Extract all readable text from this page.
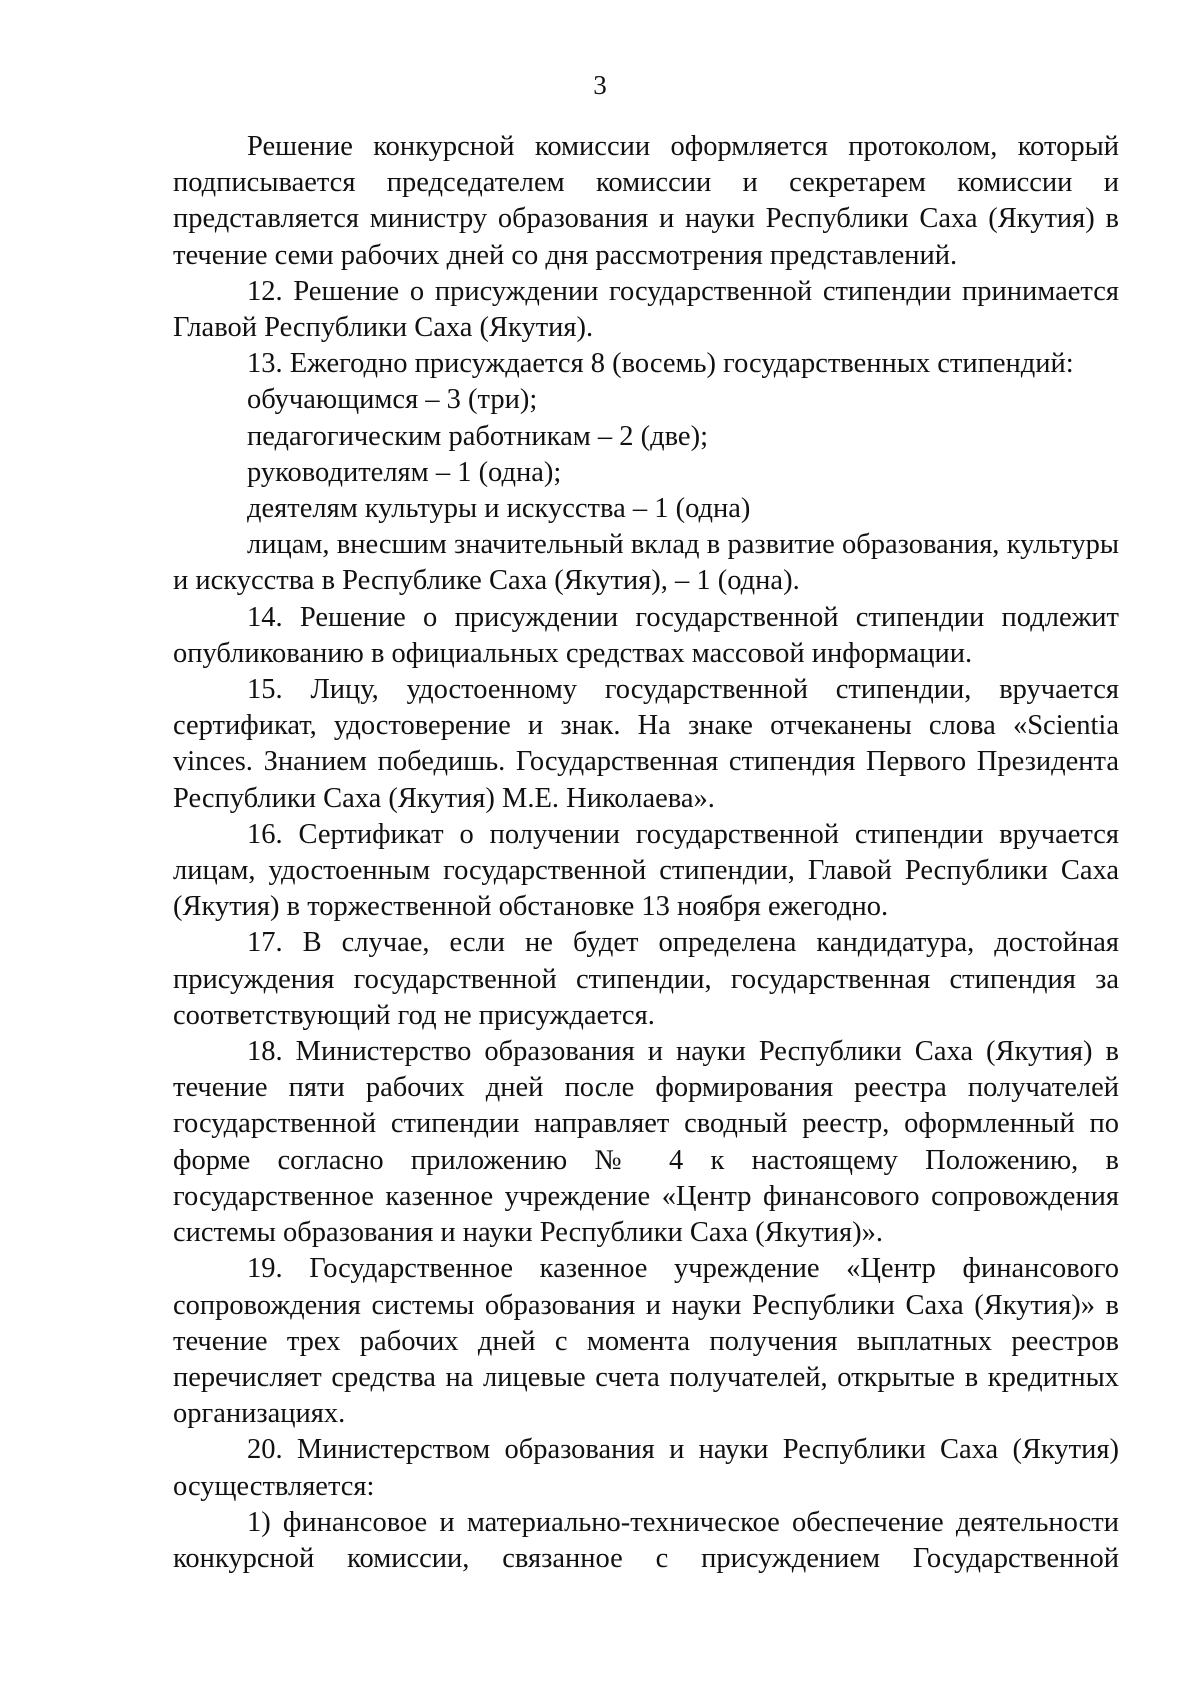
3

Решение конкурсной комиссии оформляется протоколом, который подписывается председателем комиссии и секретарем комиссии и представляется министру образования и науки Республики Саха (Якутия) в течение семи рабочих дней со дня рассмотрения представлений.

12. Решение о присуждении государственной стипендии принимается Главой Республики Саха (Якутия).

13. Ежегодно присуждается 8 (восемь) государственных стипендий:

обучающимся – 3 (три);

педагогическим работникам – 2 (две);

руководителям – 1 (одна);

деятелям культуры и искусства – 1 (одна)

лицам, внесшим значительный вклад в развитие образования, культуры и искусства в Республике Саха (Якутия), – 1 (одна).

14. Решение о присуждении государственной стипендии подлежит опубликованию в официальных средствах массовой информации.

15. Лицу, удостоенному государственной стипендии, вручается сертификат, удостоверение и знак. На знаке отчеканены слова «Scientia vinces. Знанием победишь. Государственная стипендия Первого Президента Республики Саха (Якутия) М.Е. Николаева».

16. Сертификат о получении государственной стипендии вручается лицам, удостоенным государственной стипендии, Главой Республики Саха (Якутия) в торжественной обстановке 13 ноября ежегодно.

17. В случае, если не будет определена кандидатура, достойная присуждения государственной стипендии, государственная стипендия за соответствующий год не присуждается.

18. Министерство образования и науки Республики Саха (Якутия) в течение пяти рабочих дней после формирования реестра получателей государственной стипендии направляет сводный реестр, оформленный по форме согласно приложению № 4 к настоящему Положению, в государственное казенное учреждение «Центр финансового сопровождения системы образования и науки Республики Саха (Якутия)».

19. Государственное казенное учреждение «Центр финансового сопровождения системы образования и науки Республики Саха (Якутия)» в течение трех рабочих дней с момента получения выплатных реестров перечисляет средства на лицевые счета получателей, открытые в кредитных организациях.

20. Министерством образования и науки Республики Саха (Якутия) осуществляется:

1) финансовое и материально-техническое обеспечение деятельности конкурсной комиссии, связанное с присуждением Государственной
